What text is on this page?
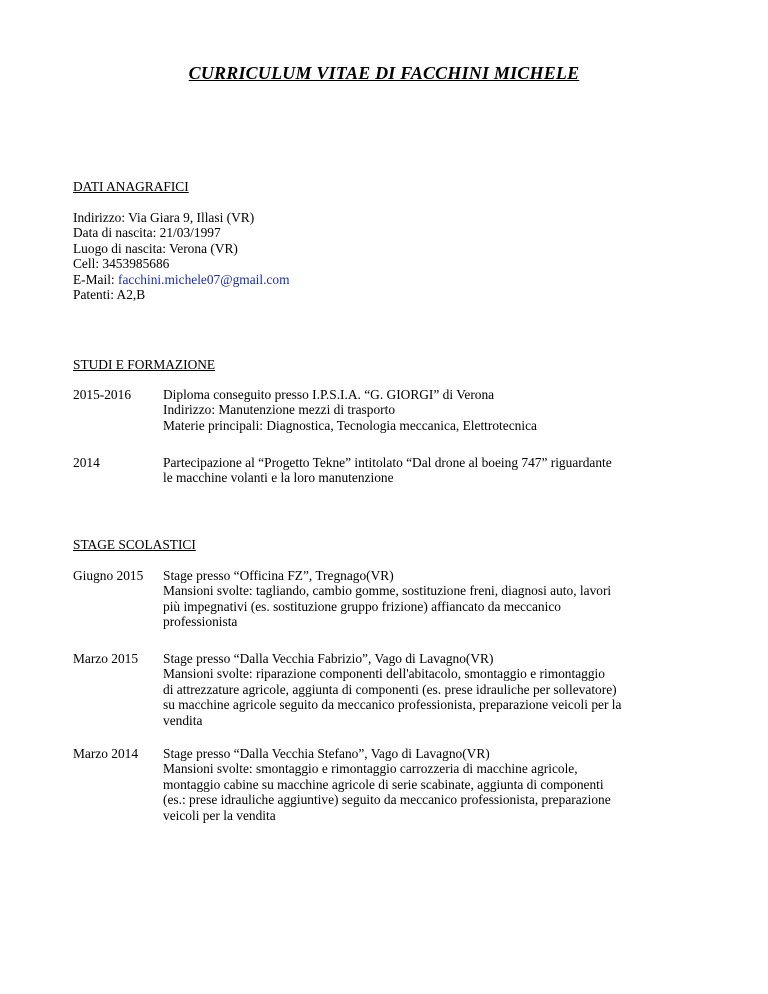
CURRICULUM VITAE DI FACCHINI MICHELE
DATI ANAGRAFICI
Indirizzo: Via Giara 9, Illasi (VR)
Data di nascita: 21/03/1997
Luogo di nascita: Verona (VR)
Cell: 3453985686
E-Mail: facchini.michele07@gmail.com
Patenti: A2,B
STUDI E FORMAZIONE
2015-2016 Diploma conseguito presso I.P.S.I.A. “G. GIORGI” di Verona
Indirizzo: Manutenzione mezzi di trasporto
Materie principali: Diagnostica, Tecnologia meccanica, Elettrotecnica
2014	Partecipazione al “Progetto Tekne” intitolato “Dal drone al boeing 747” riguardante
le macchine volanti e la loro manutenzione
STAGE SCOLASTICI
Giugno 2015 Stage presso “Officina FZ”, Tregnago(VR)
Mansioni svolte: tagliando, cambio gomme, sostituzione freni, diagnosi auto, lavori
più impegnativi (es. sostituzione gruppo frizione) affiancato da meccanico
professionista
Marzo 2015 Stage presso “Dalla Vecchia Fabrizio”, Vago di Lavagno(VR)
Mansioni svolte: riparazione componenti dell'abitacolo, smontaggio e rimontaggio
di attrezzature agricole, aggiunta di componenti (es. prese idrauliche per sollevatore)
su macchine agricole seguito da meccanico professionista, preparazione veicoli per la
vendita
Marzo 2014 Stage presso “Dalla Vecchia Stefano”, Vago di Lavagno(VR)
Mansioni svolte: smontaggio e rimontaggio carrozzeria di macchine agricole,
montaggio cabine su macchine agricole di serie scabinate, aggiunta di componenti
(es.: prese idrauliche aggiuntive) seguito da meccanico professionista, preparazione
veicoli per la vendita
